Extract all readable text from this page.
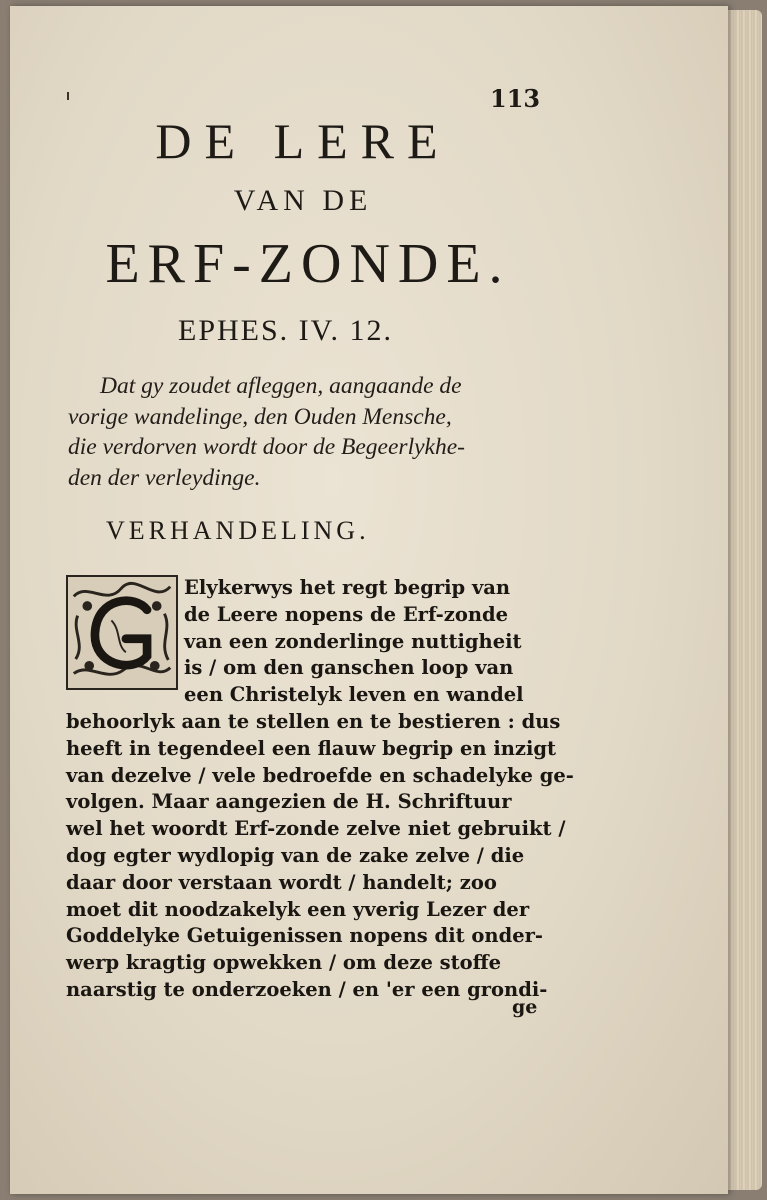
113
DE LERE
VAN DE
ERF-ZONDE.
EPHES. IV. 12.
Dat gy zoudet afleggen, aangaande de
vorige wandelinge, den Ouden Mensche,
die verdorven wordt door de Begeerlykhe-
den der verleydinge.
VERHANDELING.
Elykerwys het regt begrip van
de Leere nopens de Erf-zonde
van een zonderlinge nuttigheit
is / om den ganschen loop van
een Christelyk leven en wandel
behoorlyk aan te stellen en te bestieren : dus
heeft in tegendeel een flauw begrip en inzigt
van dezelve / vele bedroefde en schadelyke ge-
volgen. Maar aangezien de H. Schriftuur
wel het woordt Erf-zonde zelve niet gebruikt /
dog egter wydlopig van de zake zelve / die
daar door verstaan wordt / handelt; zoo
moet dit noodzakelyk een yverig Lezer der
Goddelyke Getuigenissen nopens dit onder-
werp kragtig opwekken / om deze stoffe
naarstig te onderzoeken / en 'er een grondi-
ge
